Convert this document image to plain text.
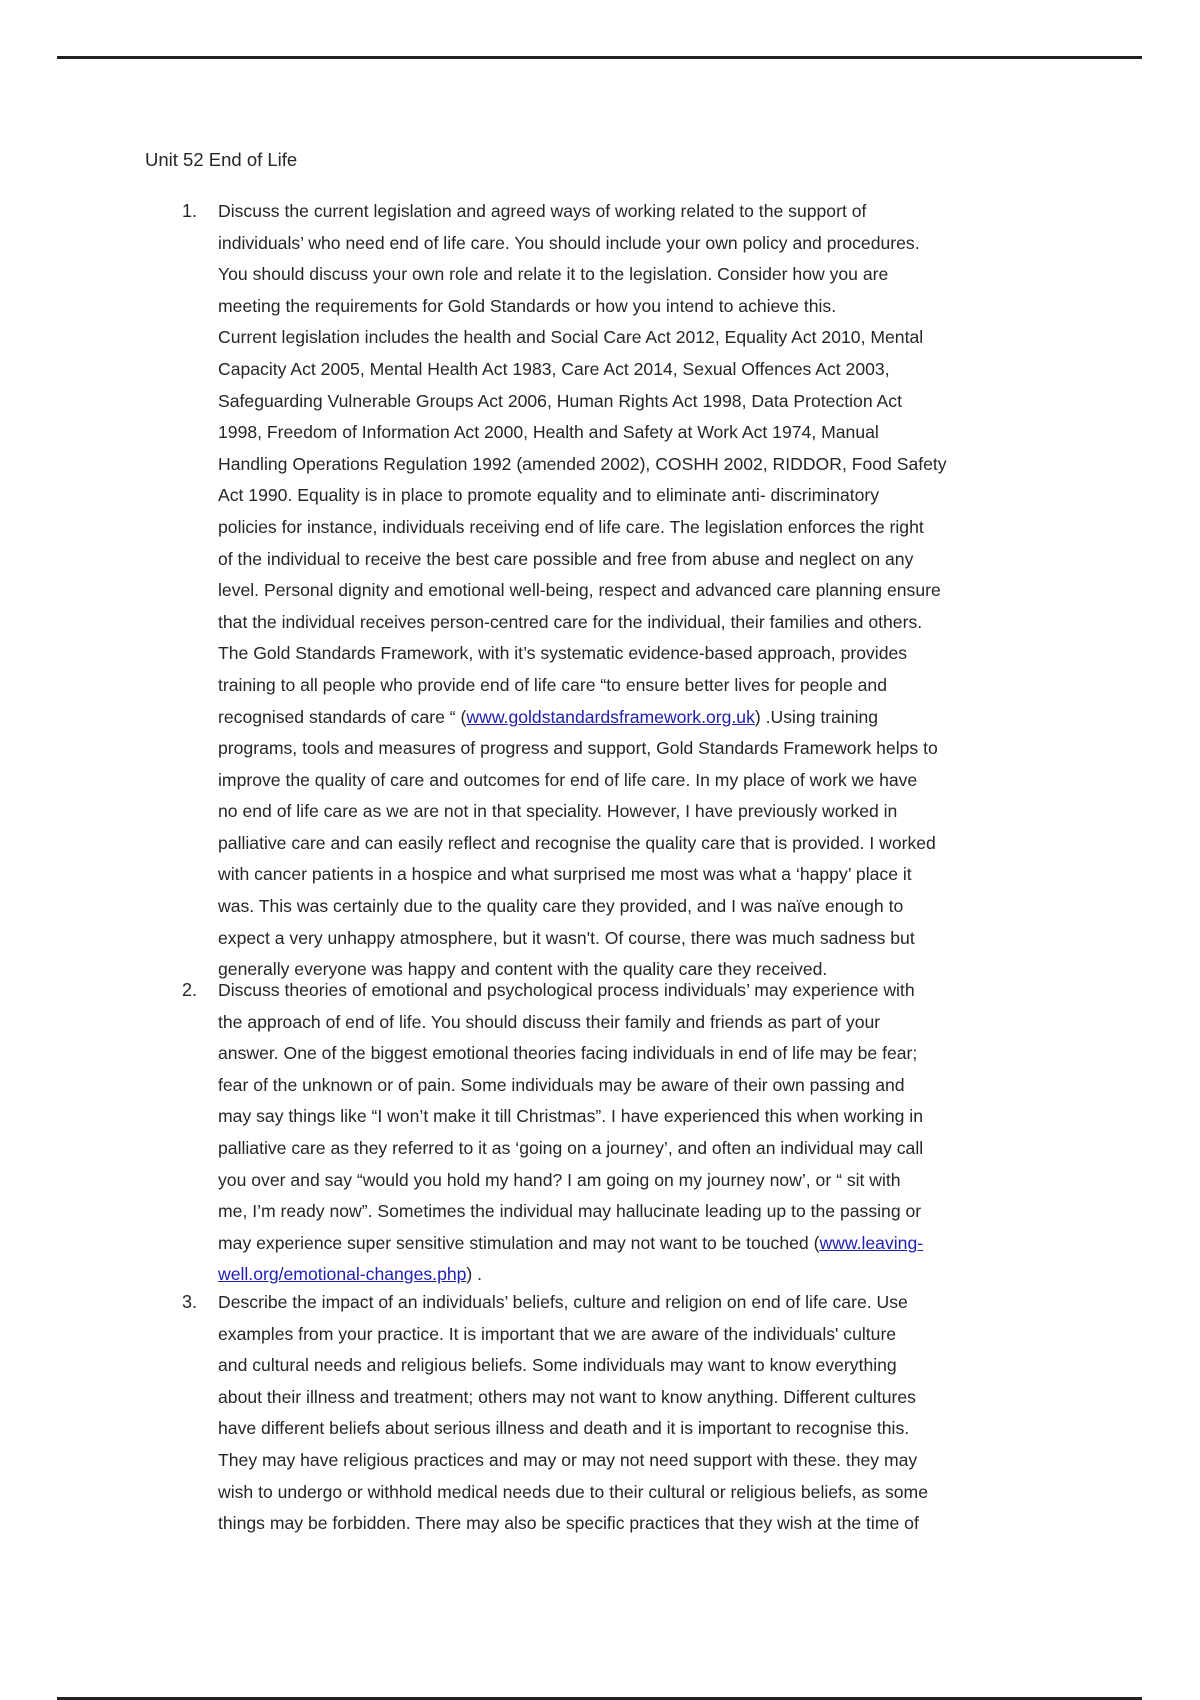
Unit 52 End of Life
1. Discuss the current legislation and agreed ways of working related to the support of
individuals’ who need end of life care. You should include your own policy and procedures.
You should discuss your own role and relate it to the legislation. Consider how you are
meeting the requirements for Gold Standards or how you intend to achieve this.
Current legislation includes the health and Social Care Act 2012, Equality Act 2010, Mental
Capacity Act 2005, Mental Health Act 1983, Care Act 2014, Sexual Offences Act 2003,
Safeguarding Vulnerable Groups Act 2006, Human Rights Act 1998, Data Protection Act
1998, Freedom of Information Act 2000, Health and Safety at Work Act 1974, Manual
Handling Operations Regulation 1992 (amended 2002), COSHH 2002, RIDDOR, Food Safety
Act 1990. Equality is in place to promote equality and to eliminate anti- discriminatory
policies for instance, individuals receiving end of life care. The legislation enforces the right
of the individual to receive the best care possible and free from abuse and neglect on any
level. Personal dignity and emotional well-being, respect and advanced care planning ensure
that the individual receives person-centred care for the individual, their families and others.
The Gold Standards Framework, with it’s systematic evidence-based approach, provides
training to all people who provide end of life care “to ensure better lives for people and
recognised standards of care “ (www.goldstandardsframework.org.uk) .Using training
programs, tools and measures of progress and support, Gold Standards Framework helps to
improve the quality of care and outcomes for end of life care. In my place of work we have
no end of life care as we are not in that speciality. However, I have previously worked in
palliative care and can easily reflect and recognise the quality care that is provided. I worked
with cancer patients in a hospice and what surprised me most was what a ‘happy’ place it
was. This was certainly due to the quality care they provided, and I was naïve enough to
expect a very unhappy atmosphere, but it wasn't. Of course, there was much sadness but
generally everyone was happy and content with the quality care they received.
2. Discuss theories of emotional and psychological process individuals’ may experience with
the approach of end of life. You should discuss their family and friends as part of your
answer. One of the biggest emotional theories facing individuals in end of life may be fear;
fear of the unknown or of pain. Some individuals may be aware of their own passing and
may say things like “I won’t make it till Christmas”. I have experienced this when working in
palliative care as they referred to it as ‘going on a journey’, and often an individual may call
you over and say “would you hold my hand? I am going on my journey now’, or “ sit with
me, I’m ready now”. Sometimes the individual may hallucinate leading up to the passing or
may experience super sensitive stimulation and may not want to be touched (www.leaving-
well.org/emotional-changes.php) .
3. Describe the impact of an individuals’ beliefs, culture and religion on end of life care. Use
examples from your practice. It is important that we are aware of the individuals' culture
and cultural needs and religious beliefs. Some individuals may want to know everything
about their illness and treatment; others may not want to know anything. Different cultures
have different beliefs about serious illness and death and it is important to recognise this.
They may have religious practices and may or may not need support with these. they may
wish to undergo or withhold medical needs due to their cultural or religious beliefs, as some
things may be forbidden. There may also be specific practices that they wish at the time of
